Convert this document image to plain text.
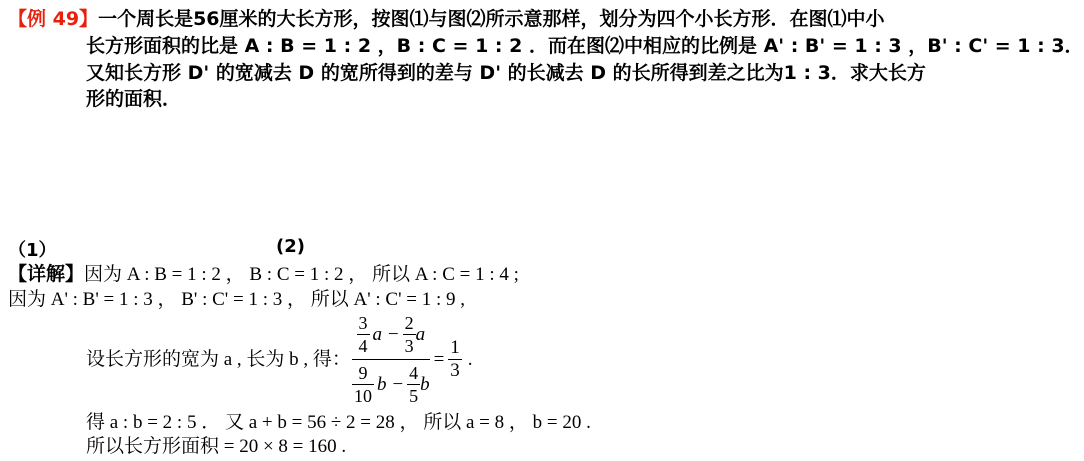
【例 49】一个周长是56厘米的大长方形，按图⑴与图⑵所示意那样，划分为四个小长方形．在图⑴中小
长方形面积的比是 A : B = 1 : 2 ，B : C = 1 : 2 ．而在图⑵中相应的比例是 A' : B' = 1 : 3 ，B' : C' = 1 : 3．
又知长方形 D' 的宽减去 D 的宽所得到的差与 D' 的长减去 D 的长所得到差之比为1 : 3．求大长方
形的面积．
（1）	(2)
【详解】因为 A : B = 1 : 2 ， B : C = 1 : 2 ， 所以 A : C = 1 : 4 ;
因为 A' : B' = 1 : 3 ， B' : C' = 1 : 3 ， 所以 A' : C' = 1 : 9 ,
设长方形的宽为 a , 长为 b , 得：
$\frac{3}{4}$ $a - \frac{2}{3}$ a
$\frac{9}{10}$ $b - \frac{4}{5}$ b
= $\frac{1}{3}$ .
得 a : b = 2 : 5 ． 又 a + b = 56 ÷ 2 = 28 ， 所以 a = 8 ， b = 20 .
所以长方形面积 = 20 × 8 = 160 .
